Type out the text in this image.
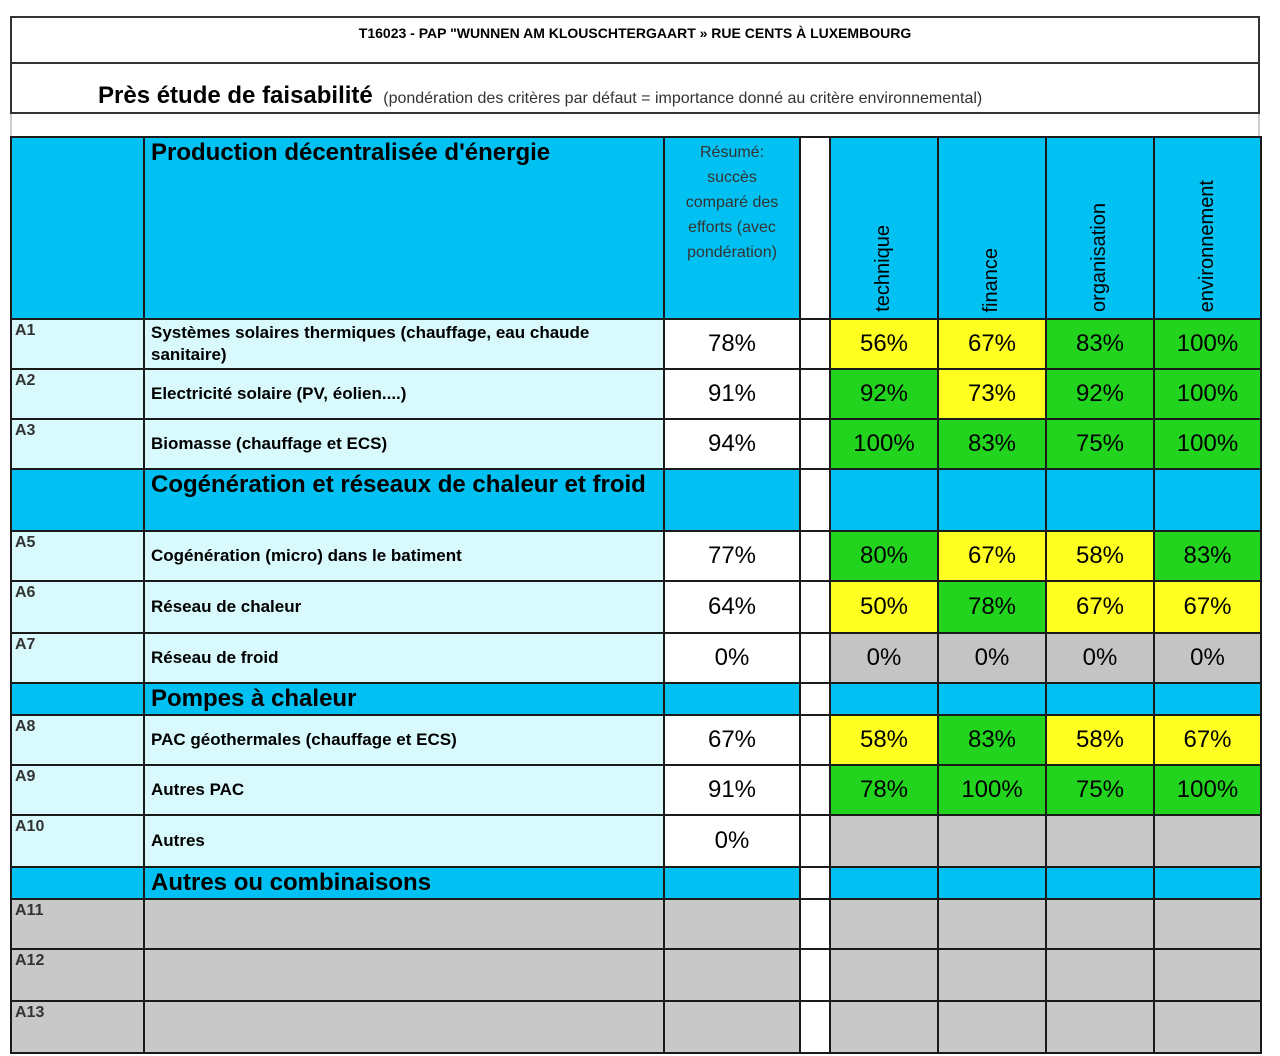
T16023 - PAP "WUNNEN AM KLOUSCHTERGAART » RUE CENTS À LUXEMBOURG
Près étude de faisabilité (pondération des critères par défaut = importance donné au critère environnemental)
	Production décentralisée d'énergie	Résumé:
succès
comparé des
efforts (avec
pondération)		technique	finance	organisation	environnement

A1	Systèmes solaires thermiques (chauffage, eau chaude sanitaire)	78%		56%	67%	83%	100%
A2	Electricité solaire (PV, éolien....)	91%		92%	73%	92%	100%
A3	Biomasse (chauffage et ECS)	94%		100%	83%	75%	100%
	Cogénération et réseaux de chaleur et froid						
A5	Cogénération (micro) dans le batiment	77%		80%	67%	58%	83%
A6	Réseau de chaleur	64%		50%	78%	67%	67%
A7	Réseau de froid	0%		0%	0%	0%	0%
	Pompes à chaleur						
A8	PAC géothermales (chauffage et ECS)	67%		58%	83%	58%	67%
A9	Autres PAC	91%		78%	100%	75%	100%
A10	Autres	0%					
	Autres ou combinaisons						
A11							
A12							
A13							
